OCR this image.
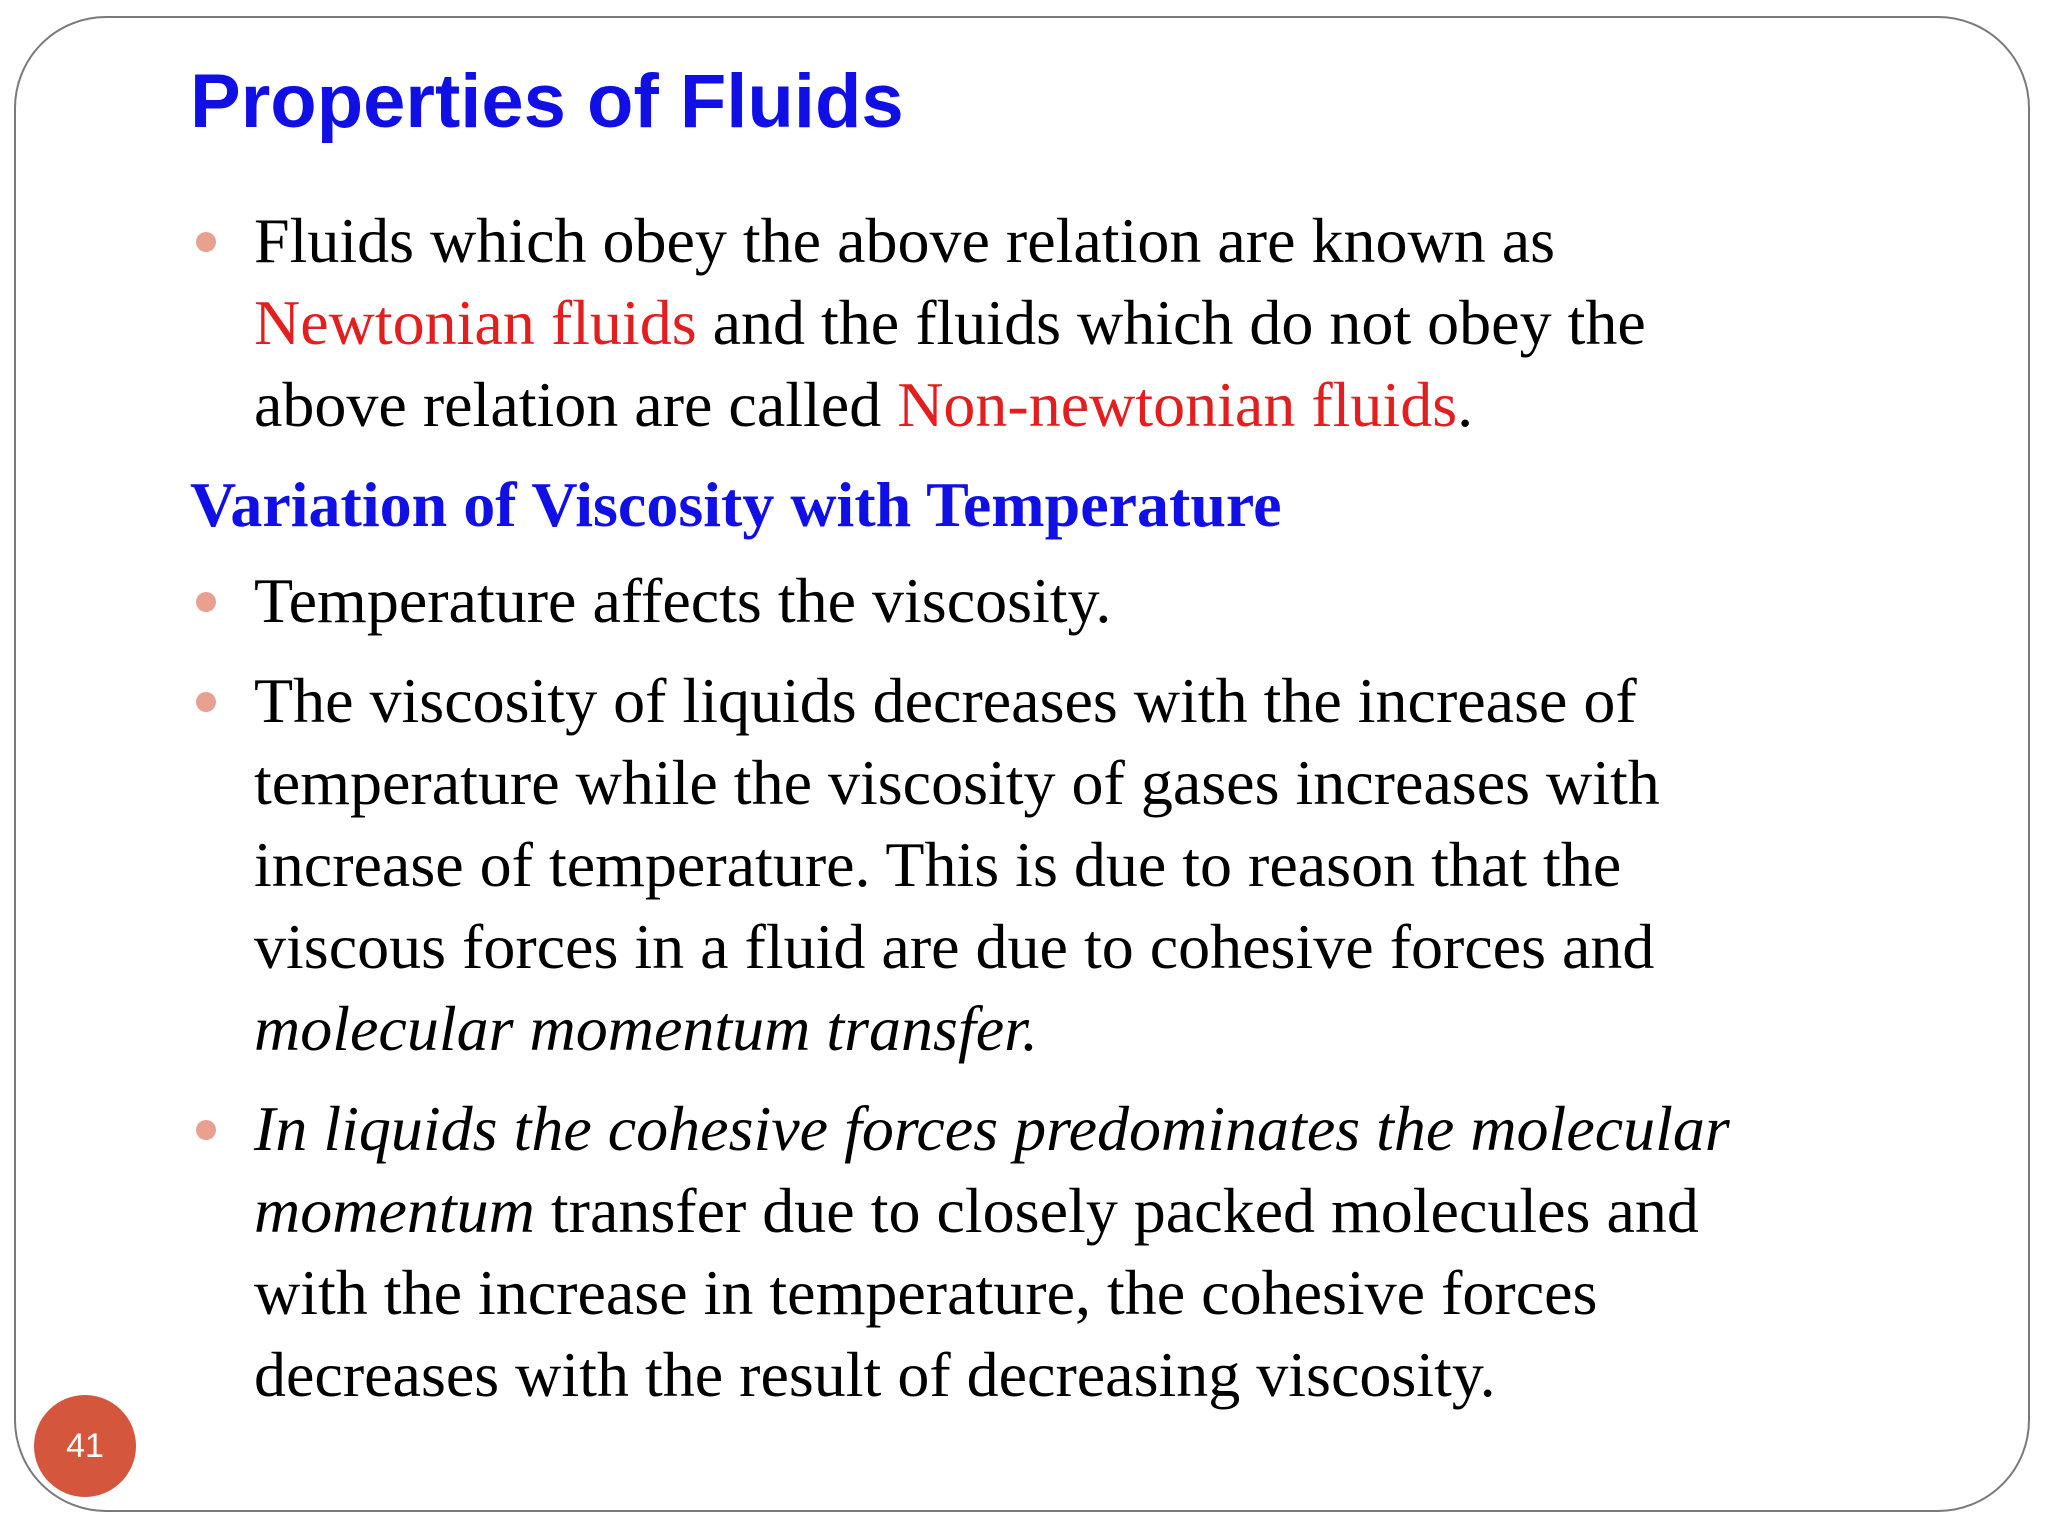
Properties of Fluids
Fluids which obey the above relation are known as
Newtonian fluids and the fluids which do not obey the
above relation are called Non-newtonian fluids.
Variation of Viscosity with Temperature
Temperature affects the viscosity.
The viscosity of liquids decreases with the increase of
temperature while the viscosity of gases increases with
increase of temperature. This is due to reason that the
viscous forces in a fluid are due to cohesive forces and
molecular momentum transfer.
In liquids the cohesive forces predominates the molecular
momentum transfer due to closely packed molecules and
with the increase in temperature, the cohesive forces
decreases with the result of decreasing viscosity.
41
